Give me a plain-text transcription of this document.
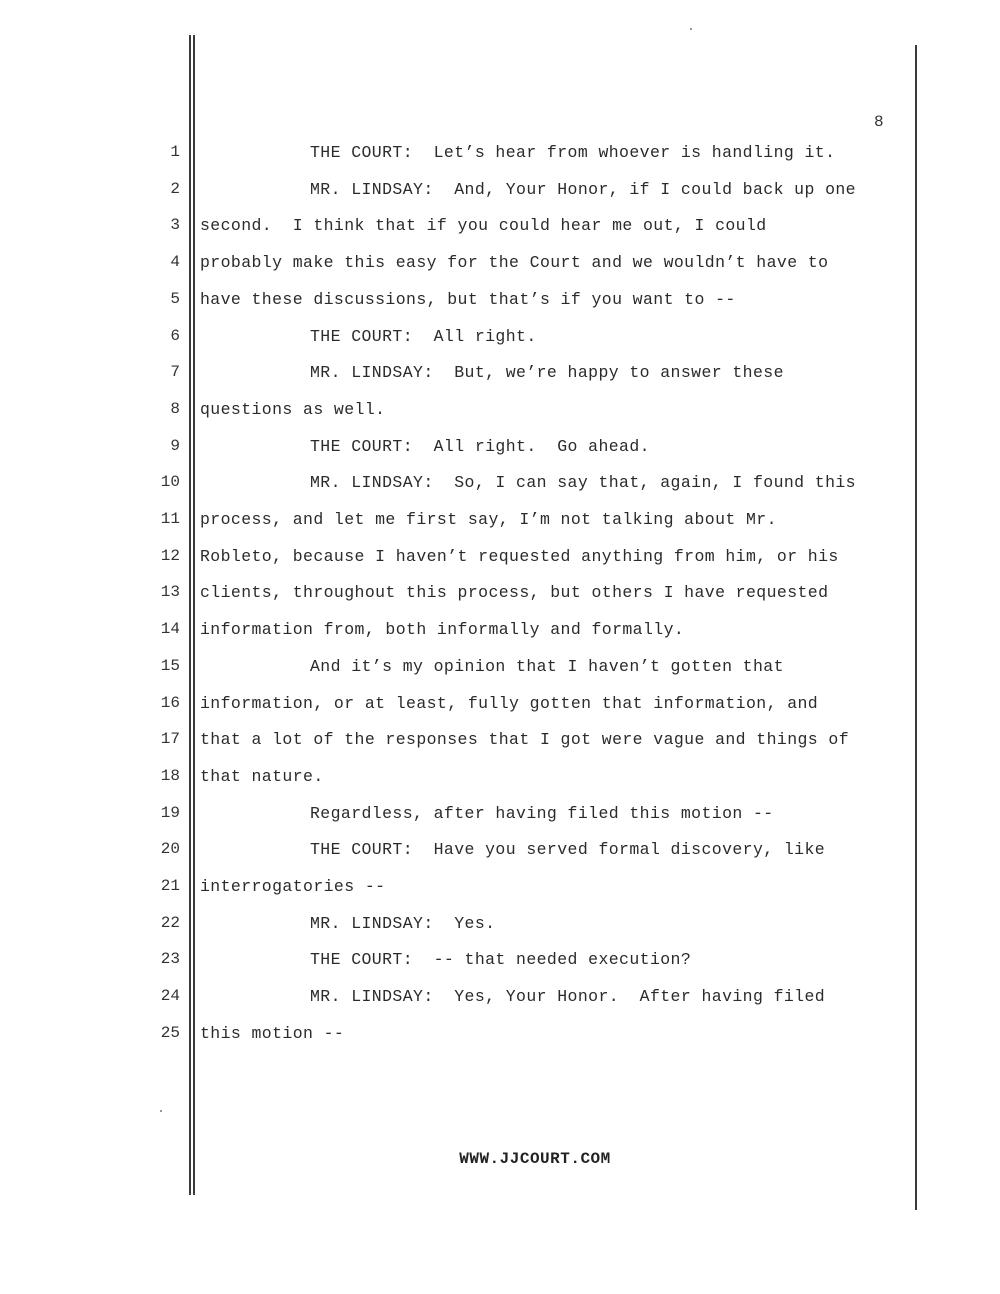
8
1	THE COURT:  Let’s hear from whoever is handling it.
2	MR. LINDSAY:  And, Your Honor, if I could back up one
3 second.  I think that if you could hear me out, I could
4 probably make this easy for the Court and we wouldn’t have to
5 have these discussions, but that’s if you want to --
6	THE COURT:  All right.
7	MR. LINDSAY:  But, we’re happy to answer these
8 questions as well.
9	THE COURT:  All right.  Go ahead.
10	MR. LINDSAY:  So, I can say that, again, I found this
11 process, and let me first say, I’m not talking about Mr.
12 Robleto, because I haven’t requested anything from him, or his
13 clients, throughout this process, but others I have requested
14 information from, both informally and formally.
15	And it’s my opinion that I haven’t gotten that
16 information, or at least, fully gotten that information, and
17 that a lot of the responses that I got were vague and things of
18 that nature.
19	Regardless, after having filed this motion --
20	THE COURT:  Have you served formal discovery, like
21 interrogatories --
22	MR. LINDSAY:  Yes.
23	THE COURT:  -- that needed execution?
24	MR. LINDSAY:  Yes, Your Honor.  After having filed
25 this motion --
WWW.JJCOURT.COM
